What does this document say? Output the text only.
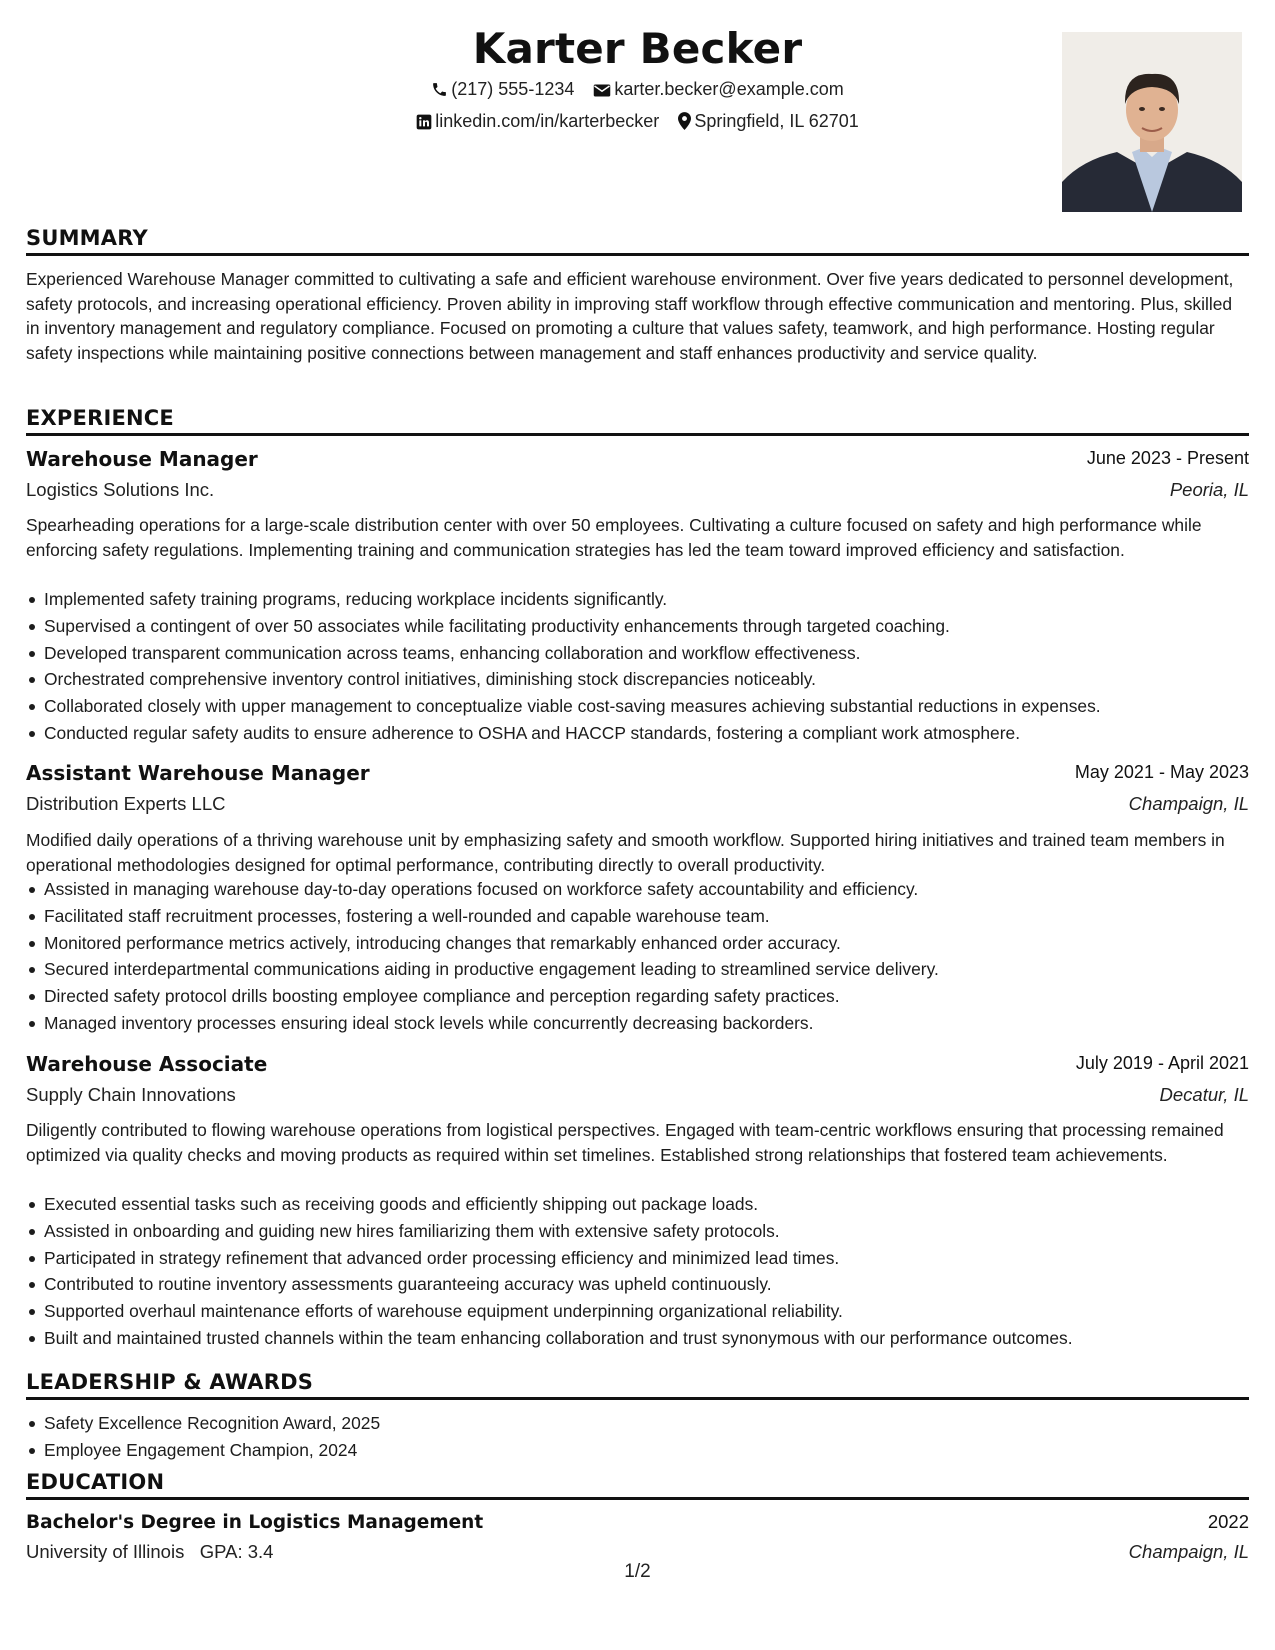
Karter Becker
(217) 555-1234 karter.becker@example.com
linkedin.com/in/karterbecker Springfield, IL 62701
SUMMARY
Experienced Warehouse Manager committed to cultivating a safe and efficient warehouse environment. Over five years dedicated to personnel development, safety protocols, and increasing operational efficiency. Proven ability in improving staff workflow through effective communication and mentoring. Plus, skilled in inventory management and regulatory compliance. Focused on promoting a culture that values safety, teamwork, and high performance. Hosting regular safety inspections while maintaining positive connections between management and staff enhances productivity and service quality.
EXPERIENCE
Warehouse Manager	June 2023 - Present
Logistics Solutions Inc.	Peoria, IL
Spearheading operations for a large-scale distribution center with over 50 employees. Cultivating a culture focused on safety and high performance while enforcing safety regulations. Implementing training and communication strategies has led the team toward improved efficiency and satisfaction.
Implemented safety training programs, reducing workplace incidents significantly.
Supervised a contingent of over 50 associates while facilitating productivity enhancements through targeted coaching.
Developed transparent communication across teams, enhancing collaboration and workflow effectiveness.
Orchestrated comprehensive inventory control initiatives, diminishing stock discrepancies noticeably.
Collaborated closely with upper management to conceptualize viable cost-saving measures achieving substantial reductions in expenses.
Conducted regular safety audits to ensure adherence to OSHA and HACCP standards, fostering a compliant work atmosphere.
Assistant Warehouse Manager	May 2021 - May 2023
Distribution Experts LLC	Champaign, IL
Modified daily operations of a thriving warehouse unit by emphasizing safety and smooth workflow. Supported hiring initiatives and trained team members in operational methodologies designed for optimal performance, contributing directly to overall productivity.
Assisted in managing warehouse day-to-day operations focused on workforce safety accountability and efficiency.
Facilitated staff recruitment processes, fostering a well-rounded and capable warehouse team.
Monitored performance metrics actively, introducing changes that remarkably enhanced order accuracy.
Secured interdepartmental communications aiding in productive engagement leading to streamlined service delivery.
Directed safety protocol drills boosting employee compliance and perception regarding safety practices.
Managed inventory processes ensuring ideal stock levels while concurrently decreasing backorders.
Warehouse Associate	July 2019 - April 2021
Supply Chain Innovations	Decatur, IL
Diligently contributed to flowing warehouse operations from logistical perspectives. Engaged with team-centric workflows ensuring that processing remained optimized via quality checks and moving products as required within set timelines. Established strong relationships that fostered team achievements.
Executed essential tasks such as receiving goods and efficiently shipping out package loads.
Assisted in onboarding and guiding new hires familiarizing them with extensive safety protocols.
Participated in strategy refinement that advanced order processing efficiency and minimized lead times.
Contributed to routine inventory assessments guaranteeing accuracy was upheld continuously.
Supported overhaul maintenance efforts of warehouse equipment underpinning organizational reliability.
Built and maintained trusted channels within the team enhancing collaboration and trust synonymous with our performance outcomes.
LEADERSHIP & AWARDS
Safety Excellence Recognition Award, 2025
Employee Engagement Champion, 2024
EDUCATION
Bachelor's Degree in Logistics Management	2022
University of Illinois GPA: 3.4	Champaign, IL
1/2
